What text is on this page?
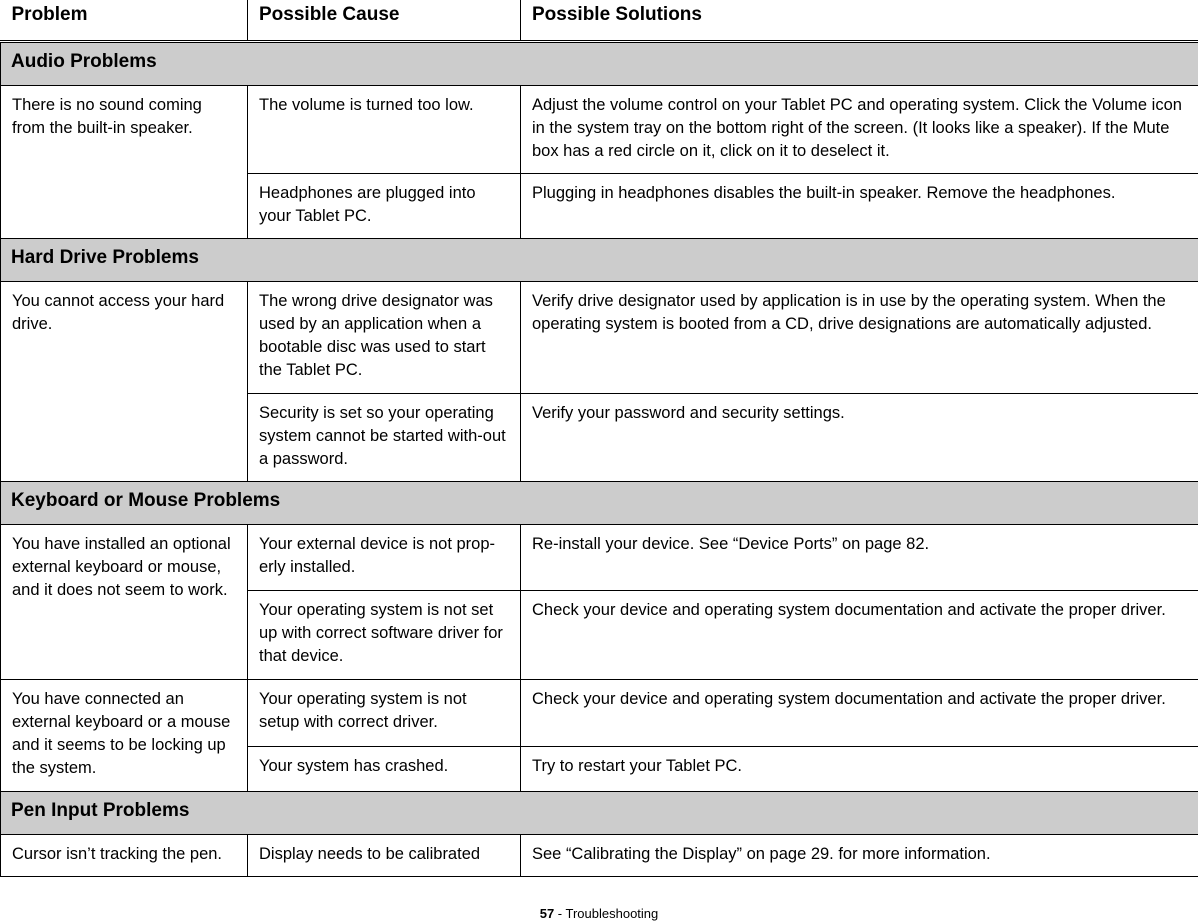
Problem	Possible Cause	Possible Solutions
Audio Problems		
There is no sound coming from the built-in speaker.	The volume is turned too low.	Adjust the volume control on your Tablet PC and operating system. Click the Volume icon in the system tray on the bottom right of the screen. (It looks like a speaker). If the Mute box has a red circle on it, click on it to deselect it.
	Headphones are plugged into your Tablet PC.	Plugging in headphones disables the built-in speaker. Remove the headphones.
Hard Drive Problems		
You cannot access your hard drive.	The wrong drive designator was used by an application when a bootable disc was used to start the Tablet PC.	Verify drive designator used by application is in use by the operating system. When the operating system is booted from a CD, drive designations are automatically adjusted.
	Security is set so your operating system cannot be started with-out a password.	Verify your password and security settings.
Keyboard or Mouse Problems		
You have installed an optional external keyboard or mouse, and it does not seem to work.	Your external device is not prop-erly installed.	Re-install your device. See “Device Ports” on page 82.
	Your operating system is not set up with correct software driver for that device.	Check your device and operating system documentation and activate the proper driver.
You have connected an external keyboard or a mouse and it seems to be locking up the system.	Your operating system is not setup with correct driver.	Check your device and operating system documentation and activate the proper driver.
	Your system has crashed.	Try to restart your Tablet PC.
Pen Input Problems		
Cursor isn’t tracking the pen.	Display needs to be calibrated	See “Calibrating the Display” on page 29. for more information.
57 - Troubleshooting
